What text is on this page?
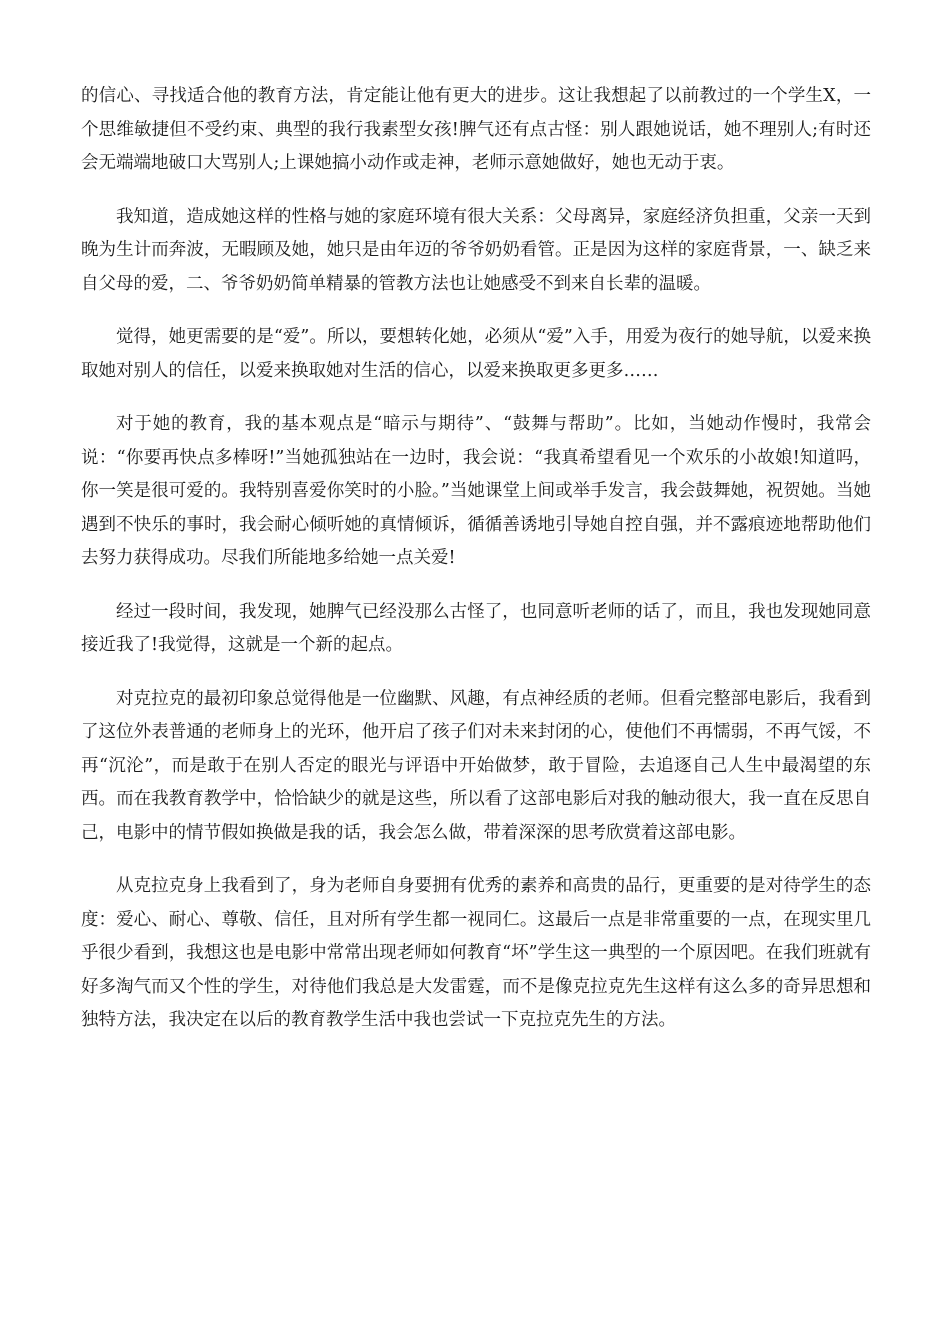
的信心、寻找适合他的教育方法，肯定能让他有更大的进步。这让我想起了以前教过的一个学生X，一个思维敏捷但不受约束、典型的我行我素型女孩!脾气还有点古怪：别人跟她说话，她不理别人;有时还会无端端地破口大骂别人;上课她搞小动作或走神，老师示意她做好，她也无动于衷。

我知道，造成她这样的性格与她的家庭环境有很大关系：父母离异，家庭经济负担重，父亲一天到晚为生计而奔波，无暇顾及她，她只是由年迈的爷爷奶奶看管。正是因为这样的家庭背景，一、缺乏来自父母的爱，二、爷爷奶奶简单精暴的管教方法也让她感受不到来自长辈的温暖。

觉得，她更需要的是“爱”。所以，要想转化她，必须从“爱”入手，用爱为夜行的她导航，以爱来换取她对别人的信任，以爱来换取她对生活的信心，以爱来换取更多更多……

对于她的教育，我的基本观点是“暗示与期待”、“鼓舞与帮助”。比如，当她动作慢时，我常会说：“你要再快点多棒呀!”当她孤独站在一边时，我会说：“我真希望看见一个欢乐的小故娘!知道吗，你一笑是很可爱的。我特别喜爱你笑时的小脸。”当她课堂上间或举手发言，我会鼓舞她，祝贺她。当她遇到不快乐的事时，我会耐心倾听她的真情倾诉，循循善诱地引导她自控自强，并不露痕迹地帮助他们去努力获得成功。尽我们所能地多给她一点关爱!

经过一段时间，我发现，她脾气已经没那么古怪了，也同意听老师的话了，而且，我也发现她同意接近我了!我觉得，这就是一个新的起点。

对克拉克的最初印象总觉得他是一位幽默、风趣，有点神经质的老师。但看完整部电影后，我看到了这位外表普通的老师身上的光环，他开启了孩子们对未来封闭的心，使他们不再懦弱，不再气馁，不再“沉沦”，而是敢于在别人否定的眼光与评语中开始做梦，敢于冒险，去追逐自己人生中最渴望的东西。而在我教育教学中，恰恰缺少的就是这些，所以看了这部电影后对我的触动很大，我一直在反思自己，电影中的情节假如换做是我的话，我会怎么做，带着深深的思考欣赏着这部电影。

从克拉克身上我看到了，身为老师自身要拥有优秀的素养和高贵的品行，更重要的是对待学生的态度：爱心、耐心、尊敬、信任，且对所有学生都一视同仁。这最后一点是非常重要的一点，在现实里几乎很少看到，我想这也是电影中常常出现老师如何教育“坏”学生这一典型的一个原因吧。在我们班就有好多淘气而又个性的学生，对待他们我总是大发雷霆，而不是像克拉克先生这样有这么多的奇异思想和独特方法，我决定在以后的教育教学生活中我也尝试一下克拉克先生的方法。
